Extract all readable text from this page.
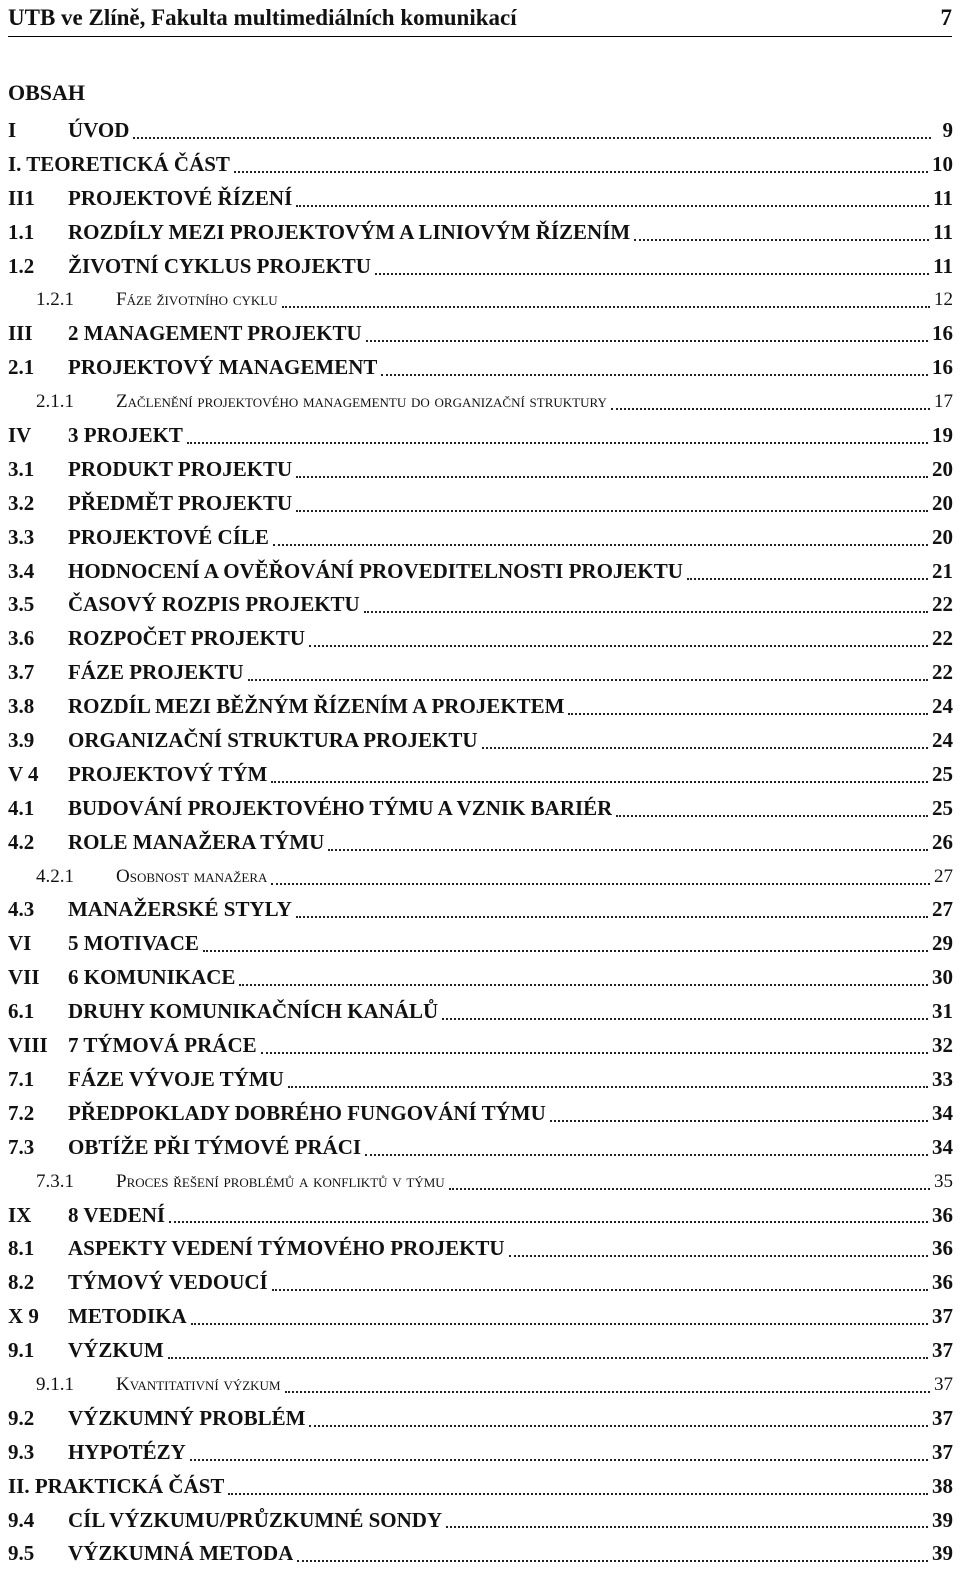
UTB ve Zlíně, Fakulta multimediálních komunikací	7
OBSAH
I	ÚVOD	9
I. TEORETICKÁ ČÁST	10
II1	PROJEKTOVÉ ŘÍZENÍ	11
1.1	ROZDÍLY MEZI PROJEKTOVÝM A LINIOVÝM ŘÍZENÍM	11
1.2	ŽIVOTNÍ CYKLUS PROJEKTU	11
1.2.1	Fáze životního cyklu	12
III	2 MANAGEMENT PROJEKTU	16
2.1	PROJEKTOVÝ MANAGEMENT	16
2.1.1	Začlenění projektového managementu do organizační struktury	17
IV	3 PROJEKT	19
3.1	PRODUKT PROJEKTU	20
3.2	PŘEDMĚT PROJEKTU	20
3.3	PROJEKTOVÉ CÍLE	20
3.4	HODNOCENÍ A OVĚŘOVÁNÍ PROVEDITELNOSTI PROJEKTU	21
3.5	ČASOVÝ ROZPIS PROJEKTU	22
3.6	ROZPOČET PROJEKTU	22
3.7	FÁZE PROJEKTU	22
3.8	ROZDÍL MEZI BĚŽNÝM ŘÍZENÍM A PROJEKTEM	24
3.9	ORGANIZAČNÍ STRUKTURA PROJEKTU	24
V 4	PROJEKTOVÝ TÝM	25
4.1	BUDOVÁNÍ PROJEKTOVÉHO TÝMU A VZNIK BARIÉR	25
4.2	ROLE MANAŽERA TÝMU	26
4.2.1	Osobnost manažera	27
4.3	MANAŽERSKÉ STYLY	27
VI	5 MOTIVACE	29
VII	6 KOMUNIKACE	30
6.1	DRUHY KOMUNIKAČNÍCH KANÁLŮ	31
VIII 7 TÝMOVÁ PRÁCE	32
7.1	FÁZE VÝVOJE TÝMU	33
7.2	PŘEDPOKLADY DOBRÉHO FUNGOVÁNÍ TÝMU	34
7.3	OBTÍŽE PŘI TÝMOVÉ PRÁCI	34
7.3.1	Proces řešení problémů a konfliktů v týmu	35
IX	8 VEDENÍ	36
8.1	ASPEKTY VEDENÍ TÝMOVÉHO PROJEKTU	36
8.2	TÝMOVÝ VEDOUCÍ	36
X 9	METODIKA	37
9.1	VÝZKUM	37
9.1.1	Kvantitativní výzkum	37
9.2	VÝZKUMNÝ PROBLÉM	37
9.3	HYPOTÉZY	37
II. PRAKTICKÁ ČÁST	38
9.4	CÍL VÝZKUMU/PRŮZKUMNÉ SONDY	39
9.5	VÝZKUMNÁ METODA	39
